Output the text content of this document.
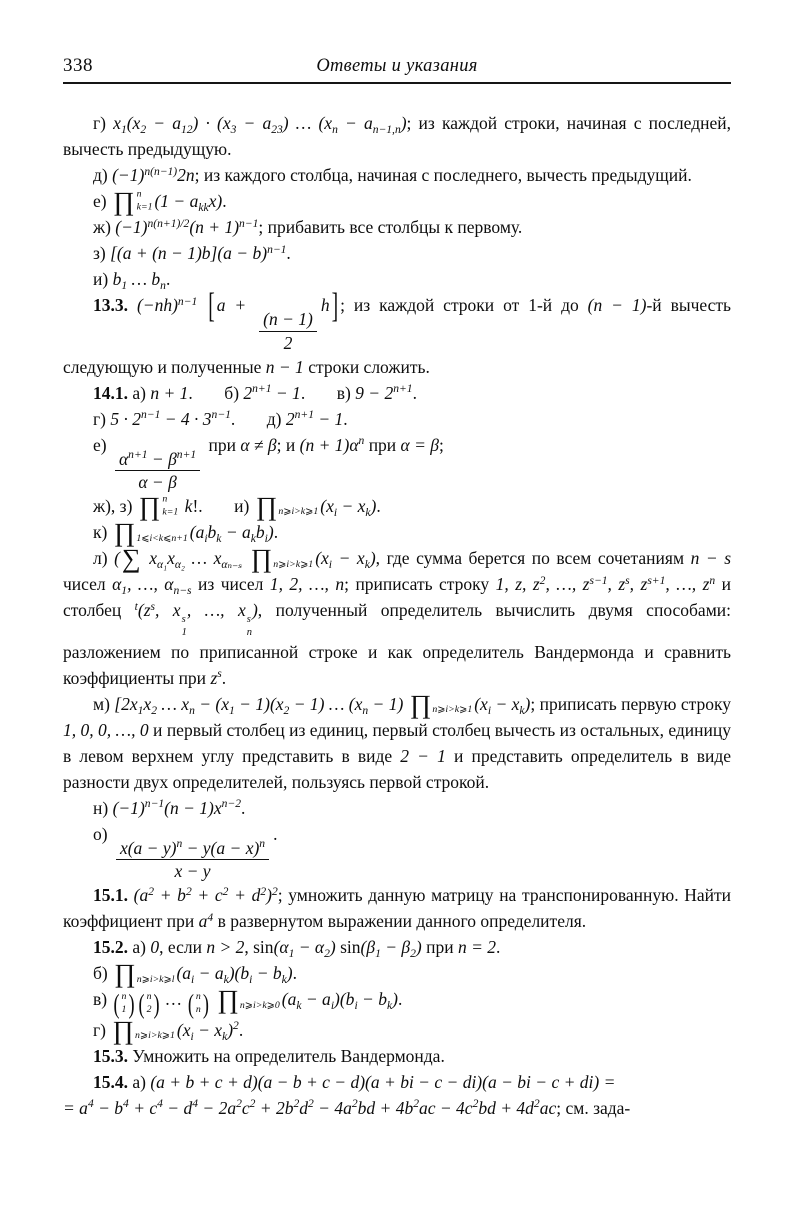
338	Ответы и указания
г) $x_1(x_2 - a_{12}) \cdot (x_3 - a_{23})$ … $(x_n - a_{n-1,n})$; из каждой строки, начиная с последней, вычесть предыдущую.
д) $(-1)^{n(n-1)}2n$; из каждого столбца, начиная с последнего, вычесть предыдущий.
е) ∏ n
k=1 $(1 - a_{kk}x)$.
ж) $(-1)^{n(n+1)/2}(n + 1)^{n-1}$; прибавить все столбцы к первому.
з) [$(a + (n - 1)b](a - b)^{n-1}$.
и) $b_1$ … $b_n$.
13.3. $(-nh)^{n-1}$ [ a +
$\frac{(n - 1)}{2}$
h ] ; из каждой строки от 1-й до (n − 1)-й вычесть следующую и полученные n − 1 строки сложить.
14.1. а) n + 1. б) $2^{n+1} - 1$. в) $9 - 2^{n+1}$.
г) $5 \cdot 2^{n-1} - 4 \cdot 3^{n-1}$. д) $2^{n+1} - 1$.
е)
$\frac{\alpha^{n+1} - \beta^{n+1}}{\alpha - \beta}$
при α ≠ β; и $(n + 1)\alpha^n$ при α = β;
ж), з) ∏ n
k=1 k!. и) ∏ n⩾i>k⩾1 $(x_i - x_k)$.
к) ∏ 1⩽i<k⩽n+1 $(a_ib_k - a_kb_i)$.
л) ( ∑ $x_{\alpha_1}x_{\alpha_2}$ … $x_{\alpha_{n-s}}$ ∏ n⩾i>k⩾1 $(x_i - x_k)$, где сумма берется по всем сочетаниям n − s чисел $\alpha_1$, …, $\alpha_{n-s}$ из чисел 1, 2, …, n; приписать строку 1, z, $z^2$, …, $z^{s-1}$, $z^s$, $z^{s+1}$, …, $z^n$ и столбец $^t(z^s$, x s
1
, …, x s
n
), полученный определитель вычислить двумя способами: разложением по приписанной строке и как определитель Вандермонда и сравнить коэффициенты при $z^s$.
м) [$2x_1x_2$ … $x_n - (x_1 - 1)(x_2 - 1)$ … $(x_n - 1)$ ∏ n⩾i>k⩾1 $(x_i - x_k)$; приписать первую строку 1, 0, 0, …, 0 и первый столбец из единиц, первый столбец вычесть из остальных, единицу в левом верхнем углу представить в виде 2 − 1 и представить определитель в виде разности двух определителей, пользуясь первой строкой.
н) $(-1)^{n-1}(n - 1)x^{n-2}$.
о)
$\frac{x(a - y)^n - y(a - x)^n}{x - y}$
.
15.1. $(a^2 + b^2 + c^2 + d^2)^2$; умножить данную матрицу на транспонированную. Найти коэффициент при $a^4$ в развернутом выражении данного определителя.
15.2. а) 0, если n > 2, $\sin(\alpha_1 - \alpha_2) \sin(\beta_1 - \beta_2)$ при n = 2.
б) ∏ n⩾i>k⩾l $(a_i - a_k)(b_i - b_k)$.
в) ( n
1 ) ( n
2 ) … ( n
n )
∏ n⩾i>k⩾0 $(a_k - a_i)(b_i - b_k)$.
г) ∏ n⩾i>k⩾1 $(x_i - x_k)^2$.
15.3. Умножить на определитель Вандермонда.
15.4. а) (a + b + c + d)(a − b + c − d)(a + bi − c − di)(a − bi − c + di) =
= $a^4 - b^4 + c^4 - d^4 - 2a^2c^2 + 2b^2d^2 - 4a^2bd + 4b^2ac - 4c^2bd + 4d^2ac$; см. зада-
